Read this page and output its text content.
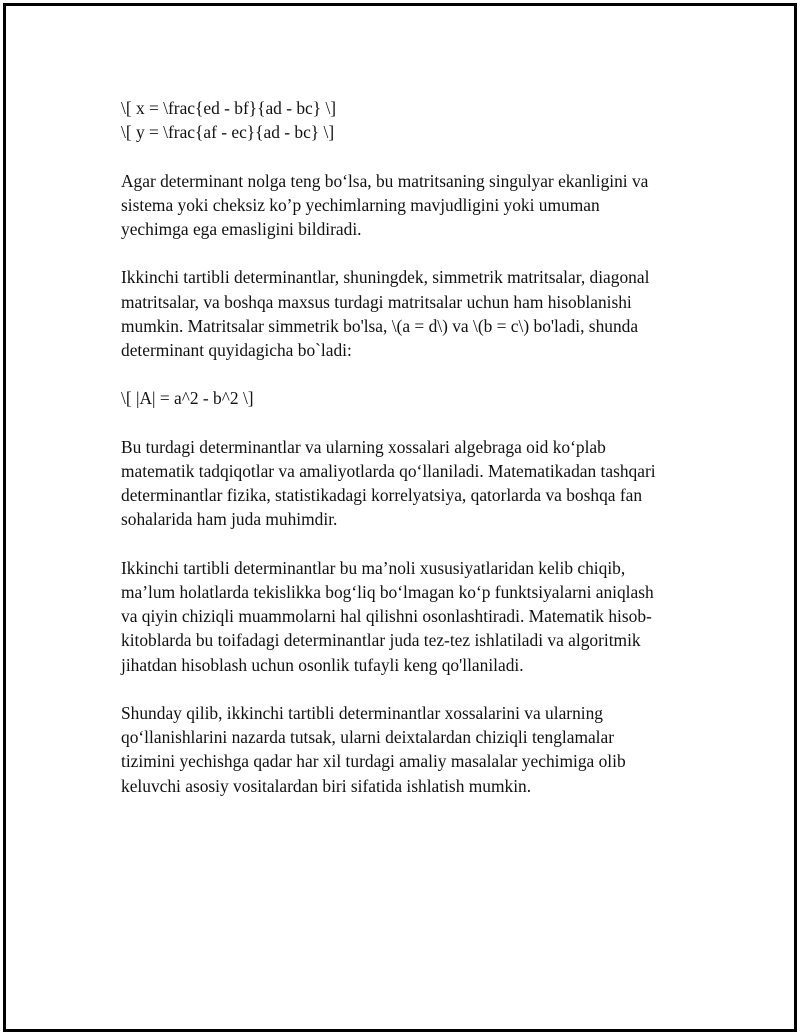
\[ x = \frac{ed - bf}{ad - bc} \]

\[ y = \frac{af - ec}{ad - bc} \]

Agar determinant nolga teng bo‘lsa, bu matritsaning singulyar ekanligini va
sistema yoki cheksiz ko’p yechimlarning mavjudligini yoki umuman
yechimga ega emasligini bildiradi.
Ikkinchi tartibli determinantlar, shuningdek, simmetrik matritsalar, diagonal
matritsalar, va boshqa maxsus turdagi matritsalar uchun ham hisoblanishi
mumkin. Matritsalar simmetrik bo'lsa, \(a = d\) va \(b = c\) bo'ladi, shunda
determinant quyidagicha bo`ladi:
\[ |A| = a^2 - b^2 \]
Bu turdagi determinantlar va ularning xossalari algebraga oid ko‘plab
matematik tadqiqotlar va amaliyotlarda qo‘llaniladi. Matematikadan tashqari
determinantlar fizika, statistikadagi korrelyatsiya, qatorlarda va boshqa fan
sohalarida ham juda muhimdir.
Ikkinchi tartibli determinantlar bu ma’noli xususiyatlaridan kelib chiqib,
ma’lum holatlarda tekislikka bog‘liq bo‘lmagan ko‘p funktsiyalarni aniqlash
va qiyin chiziqli muammolarni hal qilishni osonlashtiradi. Matematik hisob-
kitoblarda bu toifadagi determinantlar juda tez-tez ishlatiladi va algoritmik
jihatdan hisoblash uchun osonlik tufayli keng qo'llaniladi.
Shunday qilib, ikkinchi tartibli determinantlar xossalarini va ularning
qo‘llanishlarini nazarda tutsak, ularni deixtalardan chiziqli tenglamalar
tizimini yechishga qadar har xil turdagi amaliy masalalar yechimiga olib
keluvchi asosiy vositalardan biri sifatida ishlatish mumkin.
